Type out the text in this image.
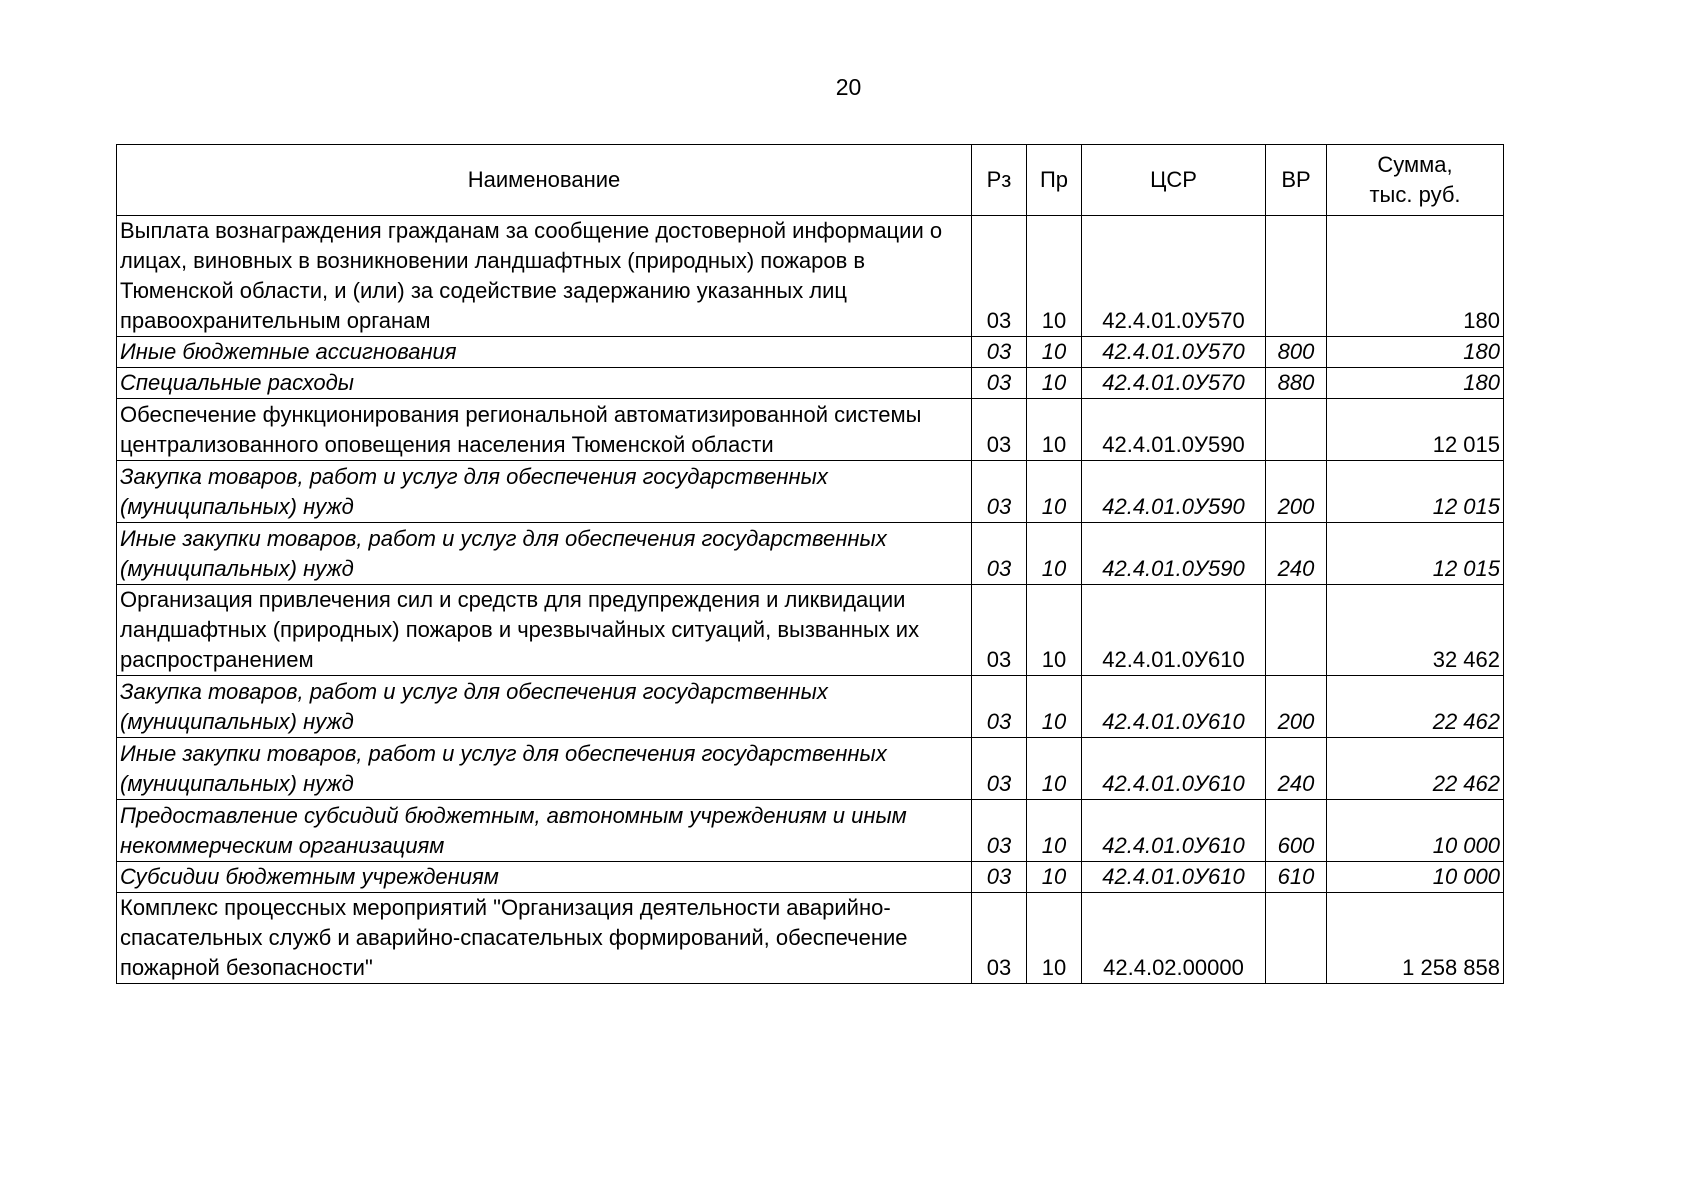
20
Наименование	Рз	Пр	ЦСР	ВР	Сумма,
тыс. руб.
Выплата вознаграждения гражданам за сообщение достоверной информации о лицах, виновных в возникновении ландшафтных (природных) пожаров в Тюменской области, и (или) за содействие задержанию указанных лиц правоохранительным органам	03	10	42.4.01.0У570		180
Иные бюджетные ассигнования	03	10	42.4.01.0У570	800	180
Специальные расходы	03	10	42.4.01.0У570	880	180
Обеспечение функционирования региональной автоматизированной системы централизованного оповещения населения Тюменской области	03	10	42.4.01.0У590		12 015
Закупка товаров, работ и услуг для обеспечения государственных (муниципальных) нужд	03	10	42.4.01.0У590	200	12 015
Иные закупки товаров, работ и услуг для обеспечения государственных (муниципальных) нужд	03	10	42.4.01.0У590	240	12 015
Организация привлечения сил и средств для предупреждения и ликвидации ландшафтных (природных) пожаров и чрезвычайных ситуаций, вызванных их распространением	03	10	42.4.01.0У610		32 462
Закупка товаров, работ и услуг для обеспечения государственных (муниципальных) нужд	03	10	42.4.01.0У610	200	22 462
Иные закупки товаров, работ и услуг для обеспечения государственных (муниципальных) нужд	03	10	42.4.01.0У610	240	22 462
Предоставление субсидий бюджетным, автономным учреждениям и иным некоммерческим организациям	03	10	42.4.01.0У610	600	10 000
Субсидии бюджетным учреждениям	03	10	42.4.01.0У610	610	10 000
Комплекс процессных мероприятий "Организация деятельности аварийно-спасательных служб и аварийно-спасательных формирований, обеспечение пожарной безопасности"	03	10	42.4.02.00000		1 258 858
